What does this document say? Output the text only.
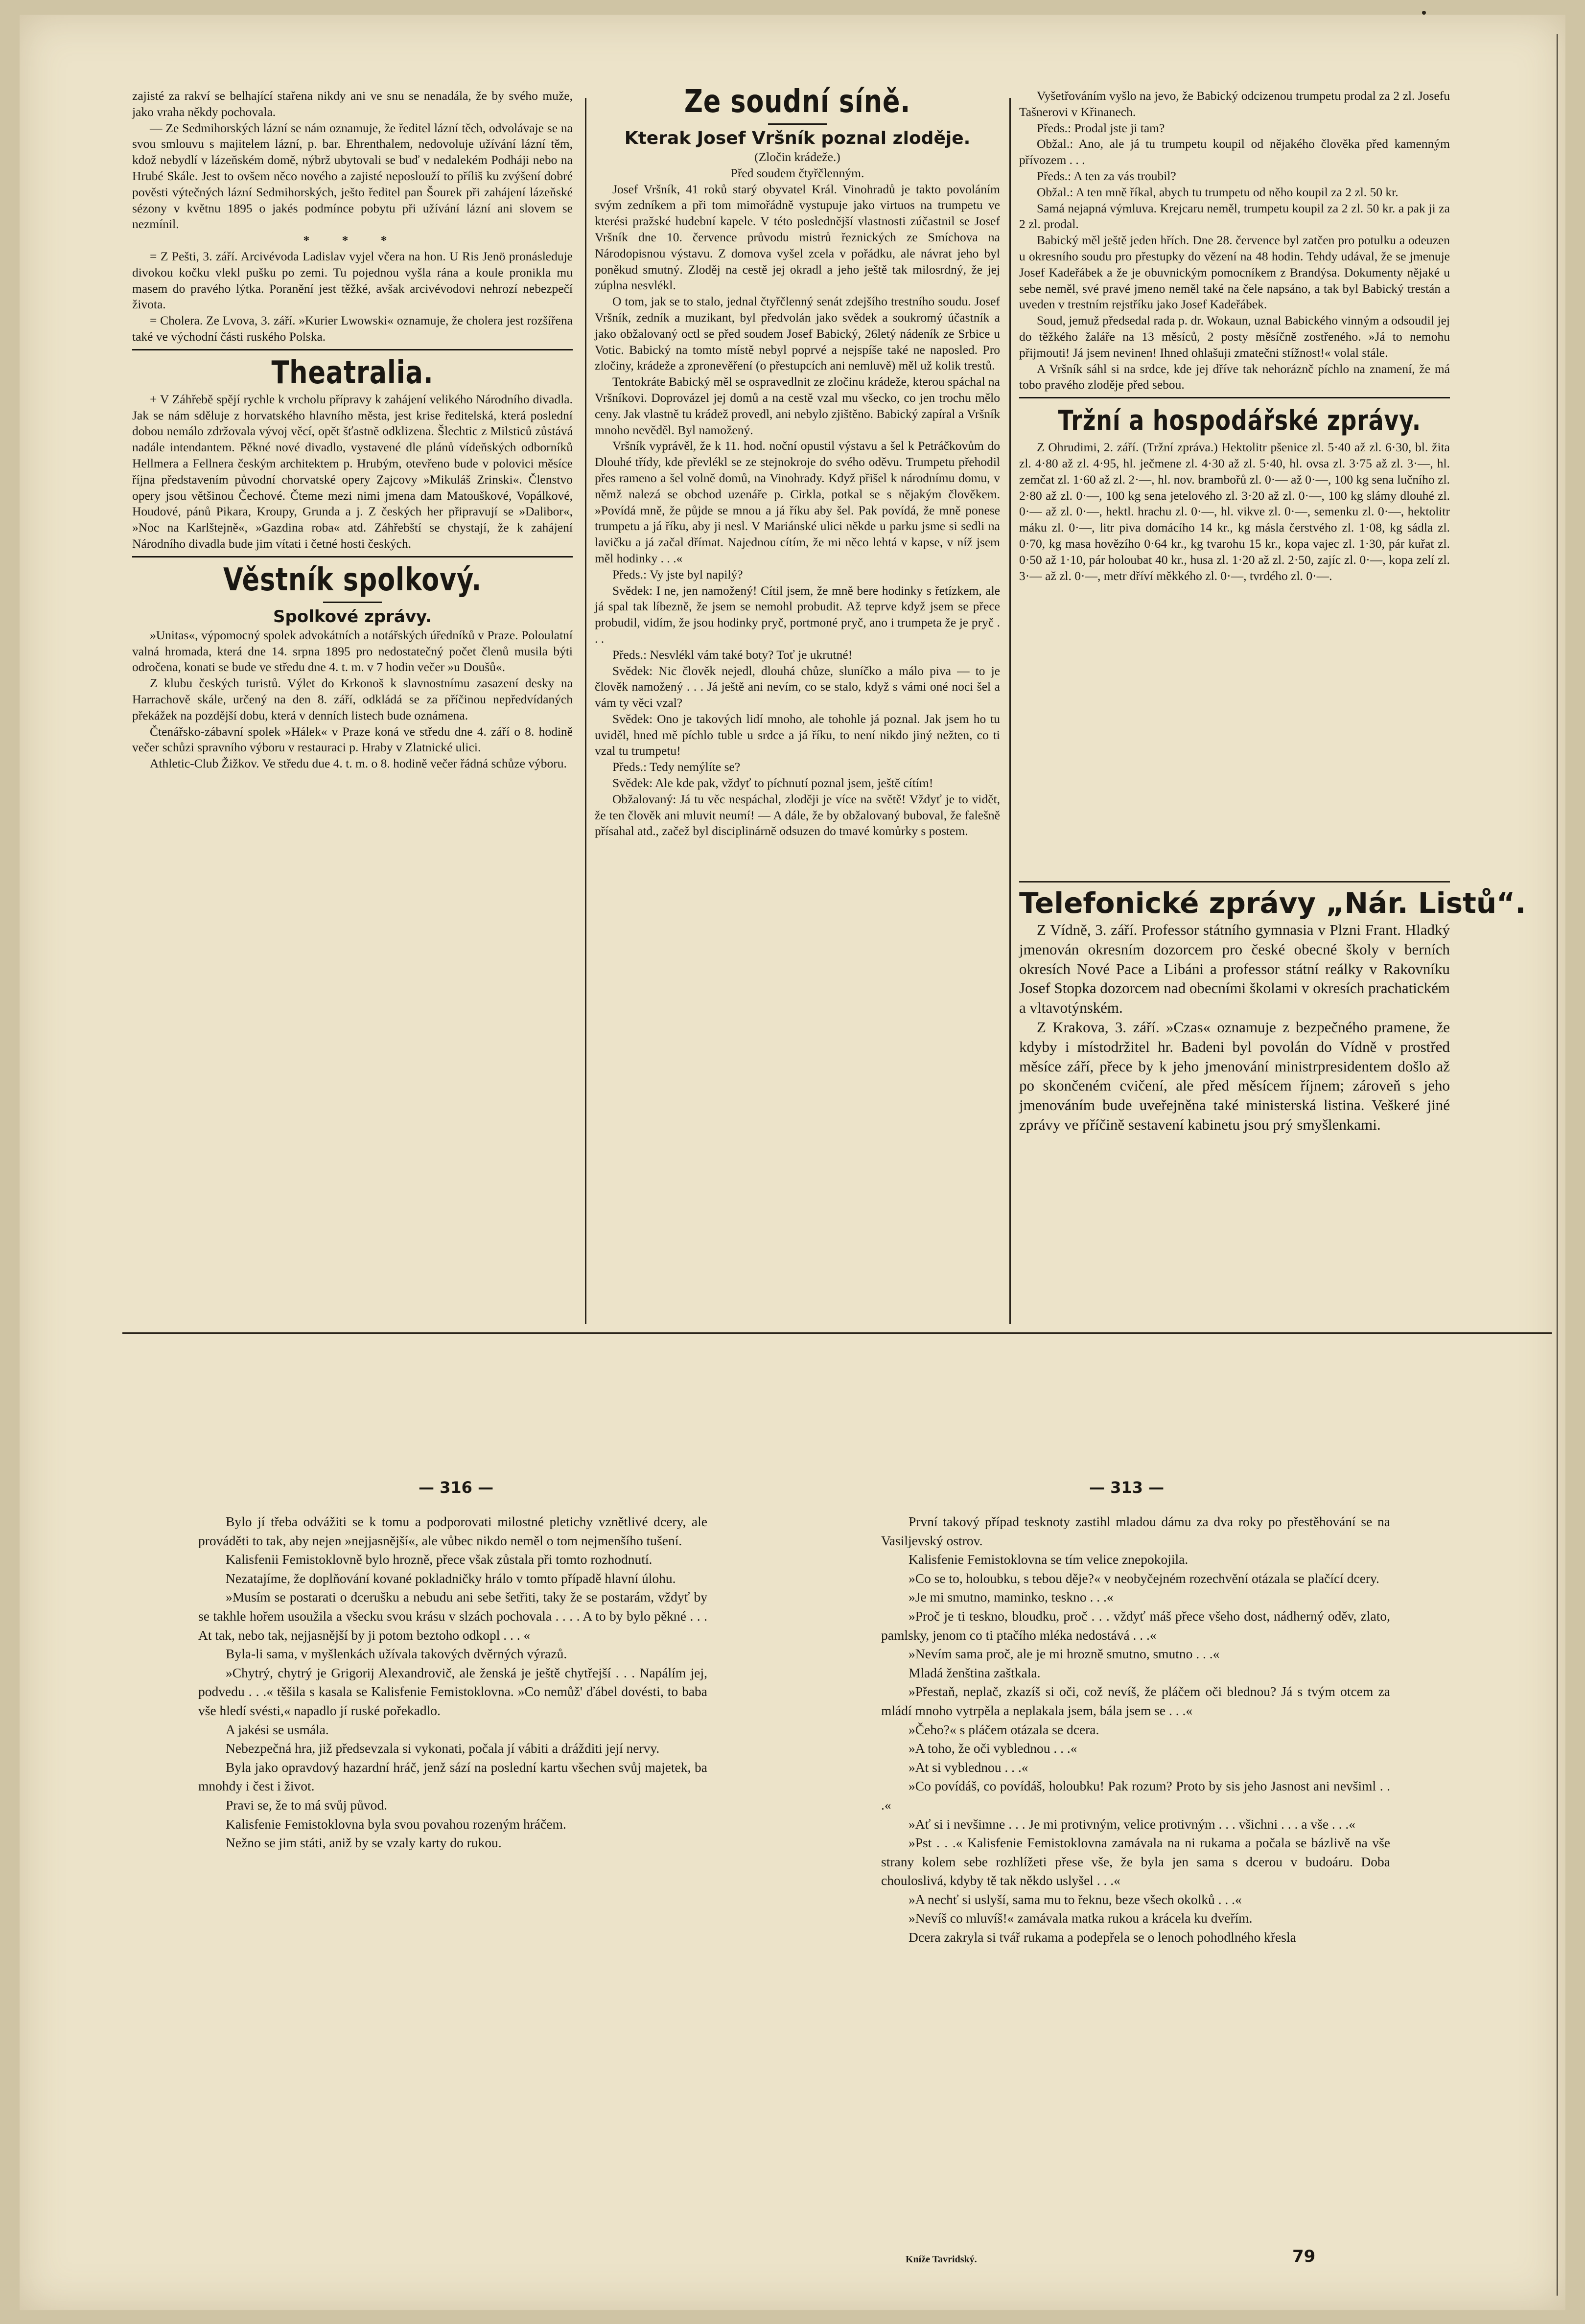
zajisté za rakví se belhající stařena nikdy ani ve snu se nenadála, že by svého muže, jako vraha někdy pochovala.

— Ze Sedmihorských lázní se nám oznamuje, že ředitel lázní těch, odvolávaje se na svou smlouvu s majitelem lázní, p. bar. Ehrenthalem, nedovoluje užívání lázní těm, kdož nebydlí v lázeňském domě, nýbrž ubytovali se buď v nedalekém Podháji nebo na Hrubé Skále. Jest to ovšem něco nového a zajisté neposlouží to příliš ku zvýšení dobré pověsti výtečných lázní Sedmihorských, ješto ředitel pan Šourek při zahájení lázeňské sézony v květnu 1895 o jakés podmínce pobytu při užívání lázní ani slovem se nezmínil.

* * *

= Z Pešti, 3. září. Arcivévoda Ladislav vyjel včera na hon. U Ris Jenö pronásleduje divokou kočku vlekl pušku po zemi. Tu pojednou vyšla rána a koule pronikla mu masem do pravého lýtka. Poranění jest těžké, avšak arcivévodovi nehrozí nebezpečí života.

= Cholera. Ze Lvova, 3. září. »Kurier Lwowski« oznamuje, že cholera jest rozšířena také ve východní části ruského Polska.

Theatralia.

+ V Záhřebě spějí rychle k vrcholu přípravy k zahájení velikého Národního divadla. Jak se nám sděluje z horvatského hlavního města, jest krise ředitelská, která poslední dobou nemálo zdržovala vývoj věcí, opět šťastně odklizena. Šlechtic z Milsticů zůstává nadále intendantem. Pěkné nové divadlo, vystavené dle plánů vídeňských odborníků Hellmera a Fellnera českým architektem p. Hrubým, otevřeno bude v polovici měsíce října představením původní chorvatské opery Zajcovy »Mikuláš Zrinski«. Členstvo opery jsou většinou Čechové. Čteme mezi nimi jmena dam Matouškové, Vopálkové, Houdové, pánů Pikara, Kroupy, Grunda a j. Z českých her připravují se »Dalibor«, »Noc na Karlštejně«, »Gazdina roba« atd. Záhřebští se chystají, že k zahájení Národního divadla bude jim vítati i četné hosti českých.

Věstník spolkový.
Spolkové zprávy.

»Unitas«, výpomocný spolek advokátních a notářských úředníků v Praze. Poloulatní valná hromada, která dne 14. srpna 1895 pro nedostatečný počet členů musila býti odročena, konati se bude ve středu dne 4. t. m. v 7 hodin večer »u Doušů«.

Z klubu českých turistů. Výlet do Krkonoš k slavnostnímu zasazení desky na Harrachově skále, určený na den 8. září, odkládá se za příčinou nepředvídaných překážek na pozdější dobu, která v denních listech bude oznámena.

Čtenářsko-zábavní spolek »Hálek« v Praze koná ve středu dne 4. září o 8. hodině večer schůzi spravního výboru v restauraci p. Hraby v Zlatnické ulici.

Athletic-Club Žižkov. Ve středu due 4. t. m. o 8. hodině večer řádná schůze výboru.

Ze soudní síně.
Kterak Josef Vršník poznal zloděje.
(Zločin krádeže.)
Před soudem čtyřčlenným.

Josef Vršník, 41 roků starý obyvatel Král. Vinohradů je takto povoláním svým zedníkem a při tom mimořádně vystupuje jako virtuos na trumpetu ve kterési pražské hudební kapele. V této poslednější vlastnosti zúčastnil se Josef Vršník dne 10. července průvodu mistrů řeznických ze Smíchova na Národopisnou výstavu. Z domova vyšel zcela v pořádku, ale návrat jeho byl poněkud smutný. Zloděj na cestě jej okradl a jeho ještě tak milosrdný, že jej zúplna nesvlékl.

O tom, jak se to stalo, jednal čtyřčlenný senát zdejšího trestního soudu. Josef Vršník, zedník a muzikant, byl předvolán jako svědek a soukromý účastník a jako obžalovaný octl se před soudem Josef Babický, 26letý nádeník ze Srbice u Votic. Babický na tomto místě nebyl poprvé a nejspíše také ne naposled. Pro zločiny, krádeže a zpronevěření (o přestupcích ani nemluvě) měl už kolik trestů.

Tentokráte Babický měl se ospravedlnit ze zločinu krádeže, kterou spáchal na Vršníkovi. Doprovázel jej domů a na cestě vzal mu všecko, co jen trochu mělo ceny. Jak vlastně tu krádež provedl, ani nebylo zjištěno. Babický zapíral a Vršník mnoho nevěděl. Byl namožený.

Vršník vyprávěl, že k 11. hod. noční opustil výstavu a šel k Petráčkovům do Dlouhé třídy, kde převlékl se ze stejnokroje do svého oděvu. Trumpetu přehodil přes rameno a šel volně domů, na Vinohrady. Když přišel k národnímu domu, v němž nalezá se obchod uzenáře p. Cirkla, potkal se s nějakým člověkem. »Povídá mně, že půjde se mnou a já říku aby šel. Pak povídá, že mně ponese trumpetu a já říku, aby ji nesl. V Mariánské ulici někde u parku jsme si sedli na lavičku a já začal dřímat. Najednou cítím, že mi něco lehtá v kapse, v níž jsem měl hodinky . . .«

Předs.: Vy jste byl napilý?

Svědek: I ne, jen namožený! Cítil jsem, že mně bere hodinky s řetízkem, ale já spal tak líbezně, že jsem se nemohl probudit. Až teprve když jsem se přece probudil, vidím, že jsou hodinky pryč, portmoné pryč, ano i trumpeta že je pryč . . .

Předs.: Nesvlékl vám také boty? Toť je ukrutné!

Svědek: Nic člověk nejedl, dlouhá chůze, sluníčko a málo piva — to je člověk namožený . . . Já ještě ani nevím, co se stalo, když s vámi oné noci šel a vám ty věci vzal?

Svědek: Ono je takových lidí mnoho, ale tohohle já poznal. Jak jsem ho tu uviděl, hned mě píchlo tuble u srdce a já říku, to není nikdo jiný nežten, co ti vzal tu trumpetu!

Předs.: Tedy nemýlíte se?

Svědek: Ale kde pak, vždyť to píchnutí poznal jsem, ještě cítím!

Obžalovaný: Já tu věc nespáchal, zloději je více na světě! Vždyť je to vidět, že ten člověk ani mluvit neumí! — A dále, že by obžalovaný buboval, že falešně přísahal atd., začež byl disciplinárně odsuzen do tmavé komůrky s postem.

Vyšetřováním vyšlo na jevo, že Babický odcizenou trumpetu prodal za 2 zl. Josefu Tašnerovi v Křinanech.

Předs.: Prodal jste ji tam?

Obžal.: Ano, ale já tu trumpetu koupil od nějakého člověka před kamenným přívozem . . .

Předs.: A ten za vás troubil?

Obžal.: A ten mně říkal, abych tu trumpetu od něho koupil za 2 zl. 50 kr.

Samá nejapná výmluva. Krejcaru neměl, trumpetu koupil za 2 zl. 50 kr. a pak ji za 2 zl. prodal.

Babický měl ještě jeden hřích. Dne 28. července byl zatčen pro potulku a odeuzen u okresního soudu pro přestupky do vězení na 48 hodin. Tehdy udával, že se jmenuje Josef Kadeřábek a že je obuvnickým pomocníkem z Brandýsa. Dokumenty nějaké u sebe neměl, své pravé jmeno neměl také na čele napsáno, a tak byl Babický trestán a uveden v trestním rejstříku jako Josef Kadeřábek.

Soud, jemuž předsedal rada p. dr. Wokaun, uznal Babického vinným a odsoudil jej do těžkého žaláře na 13 měsíců, 2 posty měsíčně zostřeného. »Já to nemohu přijmouti! Já jsem nevinen! Ihned ohlašuji zmatečni stížnost!« volal stále.

A Vršník sáhl si na srdce, kde jej dříve tak nehoráznč píchlo na znamení, že má tobo pravého zloděje před sebou.

Tržní a hospodářské zprávy.

Z Ohrudimi, 2. září. (Tržní zpráva.) Hektolitr pšenice zl. 5·40 až zl. 6·30, bl. žita zl. 4·80 až zl. 4·95, hl. ječmene zl. 4·30 až zl. 5·40, hl. ovsa zl. 3·75 až zl. 3·—, hl. zemčat zl. 1·60 až zl. 2·—, hl. nov. brambořů zl. 0·— až 0·—, 100 kg sena lučního zl. 2·80 až zl. 0·—, 100 kg sena jetelového zl. 3·20 až zl. 0·—, 100 kg slámy dlouhé zl. 0·— až zl. 0·—, hektl. hrachu zl. 0·—, hl. vikve zl. 0·—, semenku zl. 0·—, hektolitr máku zl. 0·—, litr piva domácího 14 kr., kg másla čerstvého zl. 1·08, kg sádla zl. 0·70, kg masa hovězího 0·64 kr., kg tvarohu 15 kr., kopa vajec zl. 1·30, pár kuřat zl. 0·50 až 1·10, pár holoubat 40 kr., husa zl. 1·20 až zl. 2·50, zajíc zl. 0·—, kopa zelí zl. 3·— až zl. 0·—, metr dříví měkkého zl. 0·—, tvrdého zl. 0·—.

Telefonické zprávy „Nár. Listů“.

Z Vídně, 3. září. Professor státního gymnasia v Plzni Frant. Hladký jmenován okresním dozorcem pro české obecné školy v berních okresích Nové Pace a Libáni a professor státní reálky v Rakovníku Josef Stopka dozorcem nad obecními školami v okresích prachatickém a vltavotýnském.

Z Krakova, 3. září. »Czas« oznamuje z bezpečného pramene, že kdyby i místodržitel hr. Badeni byl povolán do Vídně v prostřed měsíce září, přece by k jeho jmenování ministrpresidentem došlo až po skončeném cvičení, ale před měsícem říjnem; zároveň s jeho jmenováním bude uveřejněna také ministerská listina. Veškeré jiné zprávy ve příčině sestavení kabinetu jsou prý smyšlenkami.

— 316 —

Bylo jí třeba odvážiti se k tomu a podporovati milostné pletichy vznětlivé dcery, ale prováděti to tak, aby nejen »nejjasnější«, ale vůbec nikdo neměl o tom nejmenšího tušení.

Kalisfenii Femistoklovně bylo hrozně, přece však zůstala při tomto rozhodnutí.

Nezatajíme, že doplňování kované pokladničky hrálo v tomto případě hlavní úlohu.

»Musím se postarati o dcerušku a nebudu ani sebe šetřiti, taky že se postarám, vždyť by se takhle hořem usoužila a všecku svou krásu v slzách pochovala . . . . A to by bylo pěkné . . . At tak, nebo tak, nejjasnější by ji potom beztoho odkopl . . . «

Byla-li sama, v myšlenkách užívala takových dvěrných výrazů.

»Chytrý, chytrý je Grigorij Alexandrovič, ale ženská je ještě chytřejší . . . Napálím jej, podvedu . . .« těšila s kasala se Kalisfenie Femistoklovna. »Co nemůž' ďábel dovésti, to baba vše hledí svésti,« napadlo jí ruské pořekadlo.

A jakési se usmála.

Nebezpečná hra, již předsevzala si vykonati, počala jí vábiti a drážditi její nervy.

Byla jako opravdový hazardní hráč, jenž sází na poslední kartu všechen svůj majetek, ba mnohdy i čest i život.

Pravi se, že to má svůj původ.

Kalisfenie Femistoklovna byla svou povahou rozeným hráčem.

Nežno se jim státi, aniž by se vzaly karty do rukou.

— 313 —

První takový případ tesknoty zastihl mladou dámu za dva roky po přestěhování se na Vasiljevský ostrov.

Kalisfenie Femistoklovna se tím velice znepokojila.

»Co se to, holoubku, s tebou děje?« v neobyčejném rozechvění otázala se plačící dcery.

»Je mi smutno, maminko, teskno . . .«

»Proč je ti teskno, bloudku, proč . . . vždyť máš přece všeho dost, nádherný oděv, zlato, pamlsky, jenom co ti ptačího mléka nedostává . . .«

»Nevím sama proč, ale je mi hrozně smutno, smutno . . .«

Mladá ženština zaštkala.

»Přestaň, neplač, zkazíš si oči, což nevíš, že pláčem oči blednou? Já s tvým otcem za mládí mnoho vytrpěla a neplakala jsem, bála jsem se . . .«

»Čeho?« s pláčem otázala se dcera.

»A toho, že oči vyblednou . . .«

»At si vyblednou . . .«

»Co povídáš, co povídáš, holoubku! Pak rozum? Proto by sis jeho Jasnost ani nevšiml . . .«

»Ať si i nevšimne . . . Je mi protivným, velice protivným . . . všichni . . . a vše . . .«

»Pst . . .« Kalisfenie Femistoklovna zamávala na ni rukama a počala se bázlivě na vše strany kolem sebe rozhlížeti přese vše, že byla jen sama s dcerou v budoáru. Doba chouloslivá, kdyby tě tak někdo uslyšel . . .«

»A nechť si uslyší, sama mu to řeknu, beze všech okolků . . .«

»Nevíš co mluvíš!« zamávala matka rukou a krácela ku dveřím.

Dcera zakryla si tvář rukama a podepřela se o lenoch pohodlného křesla

Kníže Tavridský.	79
